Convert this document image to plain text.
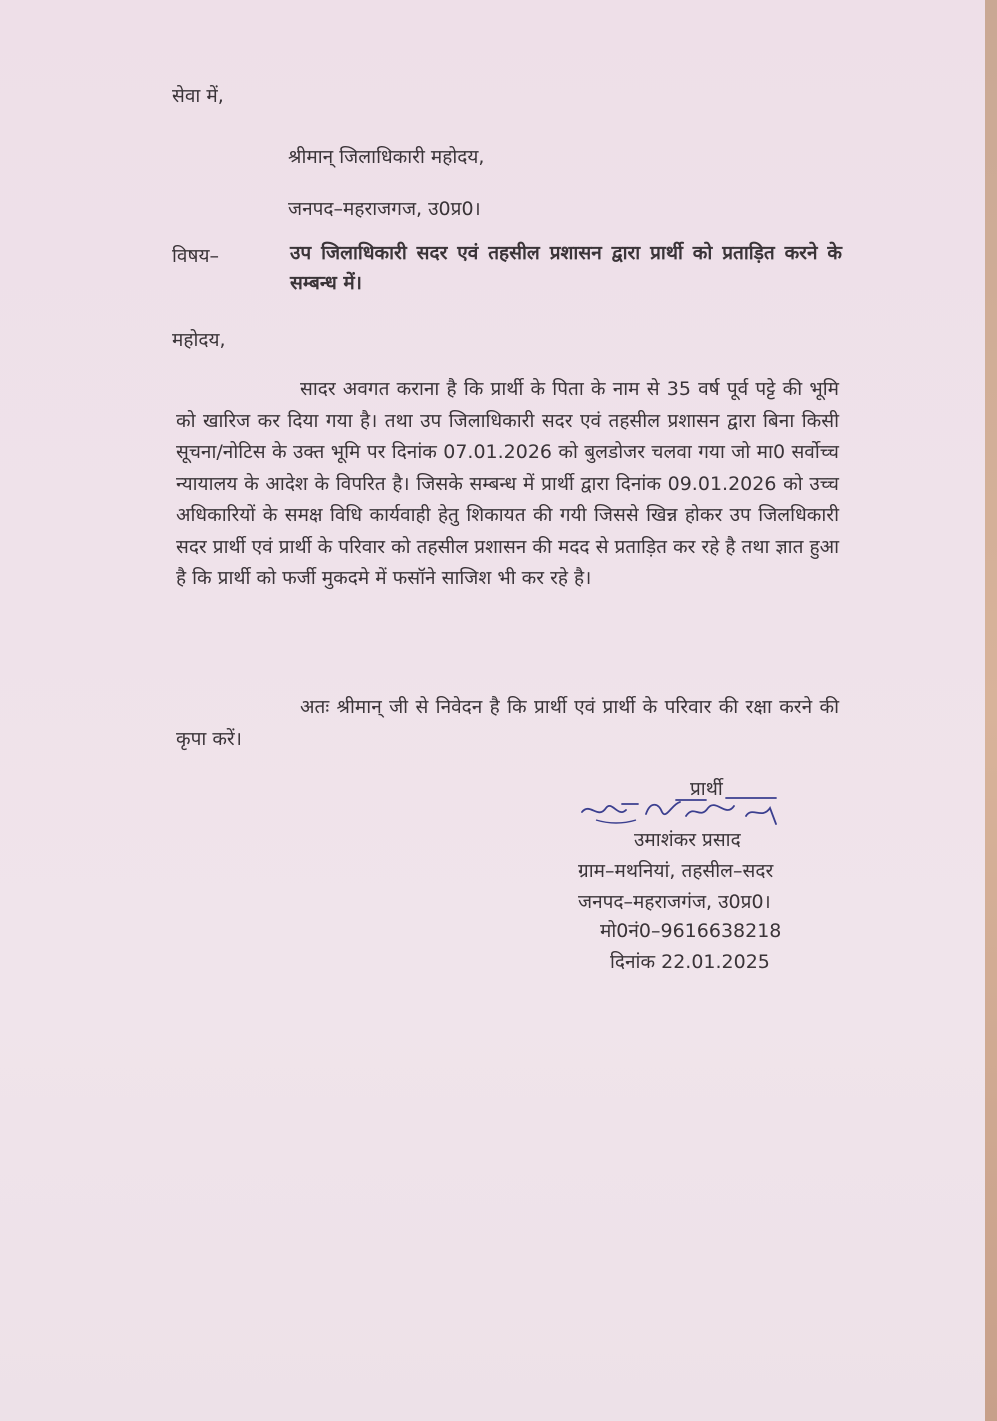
सेवा में,
श्रीमान् जिलाधिकारी महोदय,
जनपद–महराजगज, उ0प्र0।
विषय–	उप जिलाधिकारी सदर एवं तहसील प्रशासन द्वारा प्रार्थी को प्रताड़ित करने के सम्बन्ध में।
महोदय,
सादर अवगत कराना है कि प्रार्थी के पिता के नाम से 35 वर्ष पूर्व पट्टे की भूमि को खारिज कर दिया गया है। तथा उप जिलाधिकारी सदर एवं तहसील प्रशासन द्वारा बिना किसी सूचना/नोटिस के उक्त भूमि पर दिनांक 07.01.2026 को बुलडोजर चलवा गया जो मा0 सर्वोच्च न्यायालय के आदेश के विपरित है। जिसके सम्बन्ध में प्रार्थी द्वारा दिनांक 09.01.2026 को उच्च अधिकारियों के समक्ष विधि कार्यवाही हेतु शिकायत की गयी जिससे खिन्न होकर उप जिलधिकारी सदर प्रार्थी एवं प्रार्थी के परिवार को तहसील प्रशासन की मदद से प्रताड़ित कर रहे है तथा ज्ञात हुआ है कि प्रार्थी को फर्जी मुकदमे में फसॉने साजिश भी कर रहे है।
अतः श्रीमान् जी से निवेदन है कि प्रार्थी एवं प्रार्थी के परिवार की रक्षा करने की कृपा करें।
प्रार्थी
उमाशंकर प्रसाद
ग्राम–मथनियां, तहसील–सदर
जनपद–महराजगंज, उ0प्र0।
मो0नं0–9616638218
दिनांक 22.01.2025
